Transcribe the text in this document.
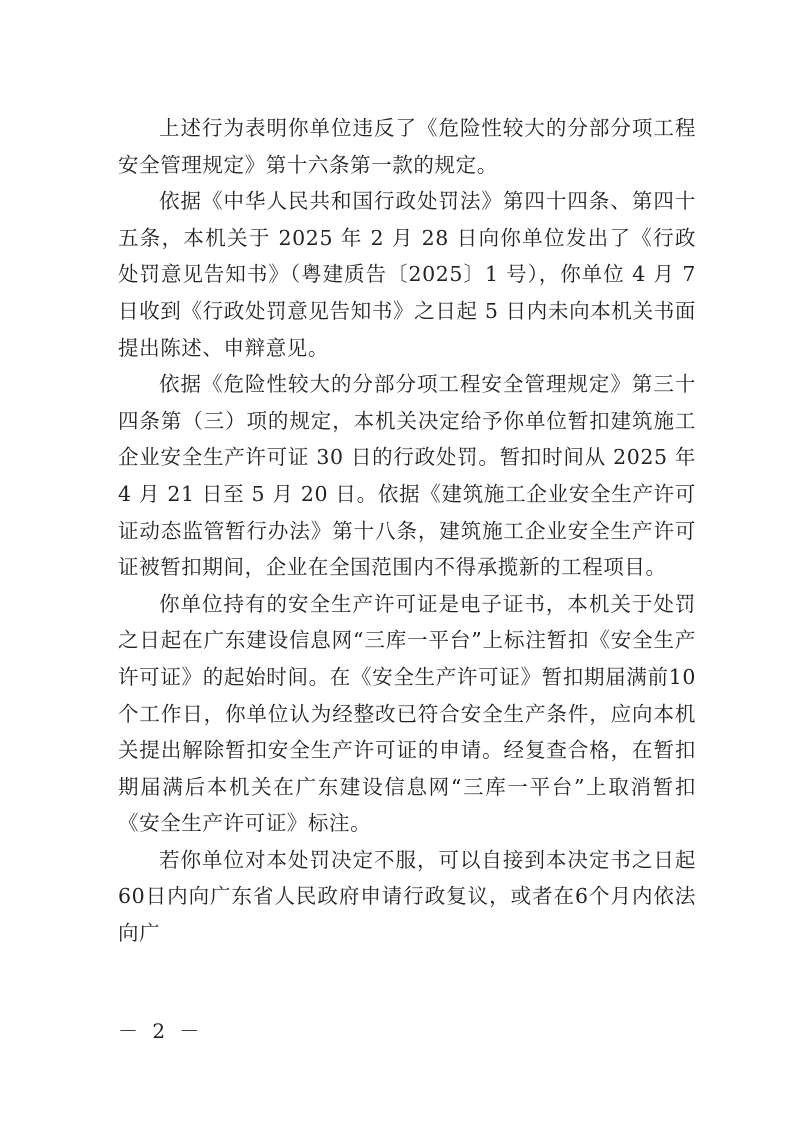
上述行为表明你单位违反了《危险性较大的分部分项工程安全管理规定》第十六条第一款的规定。

依据《中华人民共和国行政处罚法》第四十四条、第四十五条，本机关于 2025 年 2 月 28 日向你单位发出了《行政处罚意见告知书》（粤建质告〔2025〕1 号），你单位 4 月 7 日收到《行政处罚意见告知书》之日起 5 日内未向本机关书面提出陈述、申辩意见。

依据《危险性较大的分部分项工程安全管理规定》第三十四条第（三）项的规定，本机关决定给予你单位暂扣建筑施工企业安全生产许可证 30 日的行政处罚。暂扣时间从 2025 年 4 月 21 日至 5 月 20 日。依据《建筑施工企业安全生产许可证动态监管暂行办法》第十八条，建筑施工企业安全生产许可证被暂扣期间，企业在全国范围内不得承揽新的工程项目。

你单位持有的安全生产许可证是电子证书，本机关于处罚之日起在广东建设信息网“三库一平台”上标注暂扣《安全生产许可证》的起始时间。在《安全生产许可证》暂扣期届满前10个工作日，你单位认为经整改已符合安全生产条件，应向本机关提出解除暂扣安全生产许可证的申请。经复查合格，在暂扣期届满后本机关在广东建设信息网“三库一平台”上取消暂扣《安全生产许可证》标注。

若你单位对本处罚决定不服，可以自接到本决定书之日起60日内向广东省人民政府申请行政复议，或者在6个月内依法向广

－ 2 －
